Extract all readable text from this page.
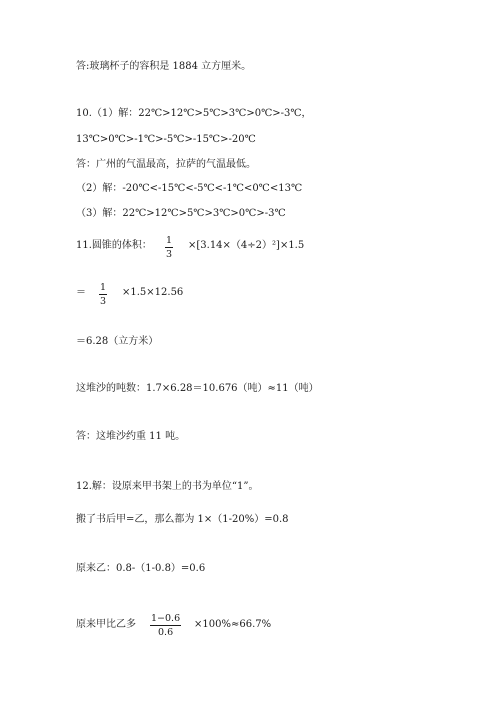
答:玻璃杯子的容积是 1884 立方厘米。
10.（1）解：22℃>12℃>5℃>3℃>0℃>-3℃，
13℃>0℃>-1℃>-5℃>-15℃>-20℃
答：广州的气温最高，拉萨的气温最低。
（2）解：-20℃<-15℃<-5℃<-1℃<0℃<13℃
（3）解：22℃>12℃>5℃>3℃>0℃>-3℃
11.圆锥的体积： 1
3
×[3.14×（4÷2）²]×1.5
＝ 1
3
×1.5×12.56
＝6.28（立方米）
这堆沙的吨数：1.7×6.28＝10.676（吨）≈11（吨）
答：这堆沙约重 11 吨。
12.解：设原来甲书架上的书为单位“1”。
搬了书后甲=乙，那么都为 1×（1-20%）=0.8
原来乙：0.8-（1-0.8）=0.6
原来甲比乙多
1−0.6
0.6
×100%≈66.7%
